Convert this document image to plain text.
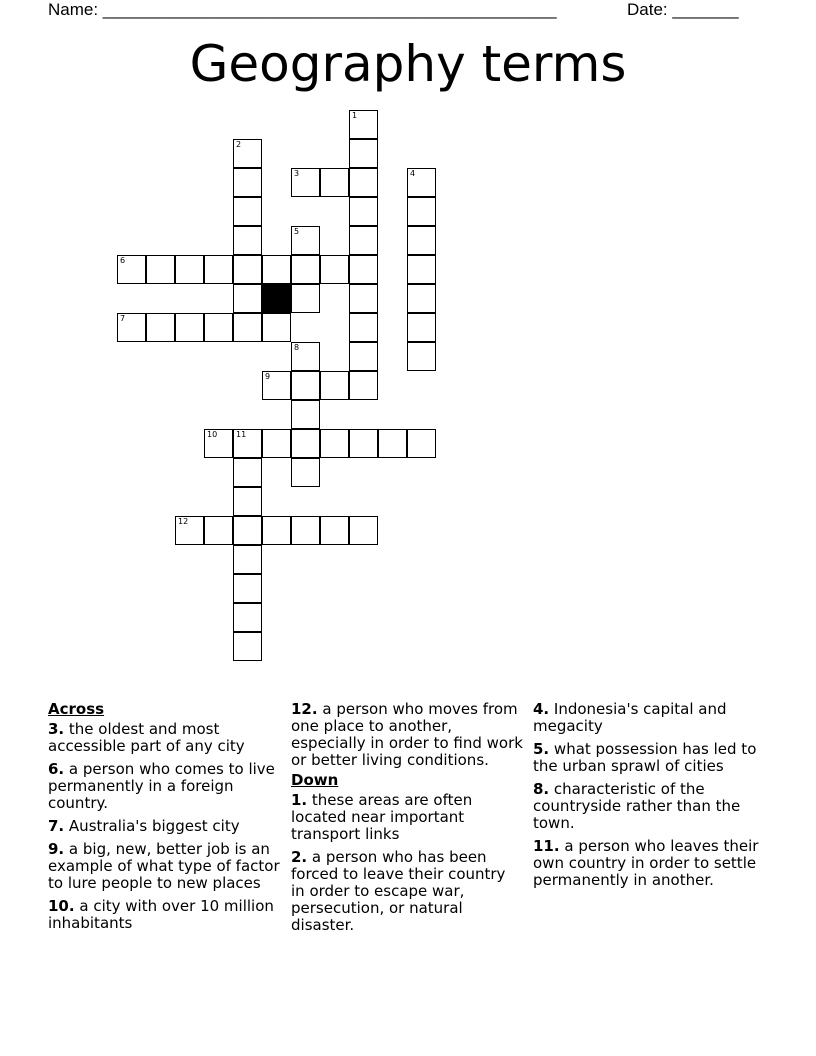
Name: ________________________________________________	Date: _______
Geography terms
1
2
3	4
5
6
7
8
9
10 11
12
Across
3. the oldest and most accessible part of any city
6. a person who comes to live permanently in a foreign country.
7. Australia's biggest city
9. a big, new, better job is an example of what type of factor to lure people to new places
10. a city with over 10 million inhabitants
12. a person who moves from one place to another, especially in order to find work or better living conditions.
Down
1. these areas are often located near important transport links
2. a person who has been forced to leave their country in order to escape war, persecution, or natural disaster.
4. Indonesia's capital and megacity
5. what possession has led to the urban sprawl of cities
8. characteristic of the countryside rather than the town.
11. a person who leaves their own country in order to settle permanently in another.
